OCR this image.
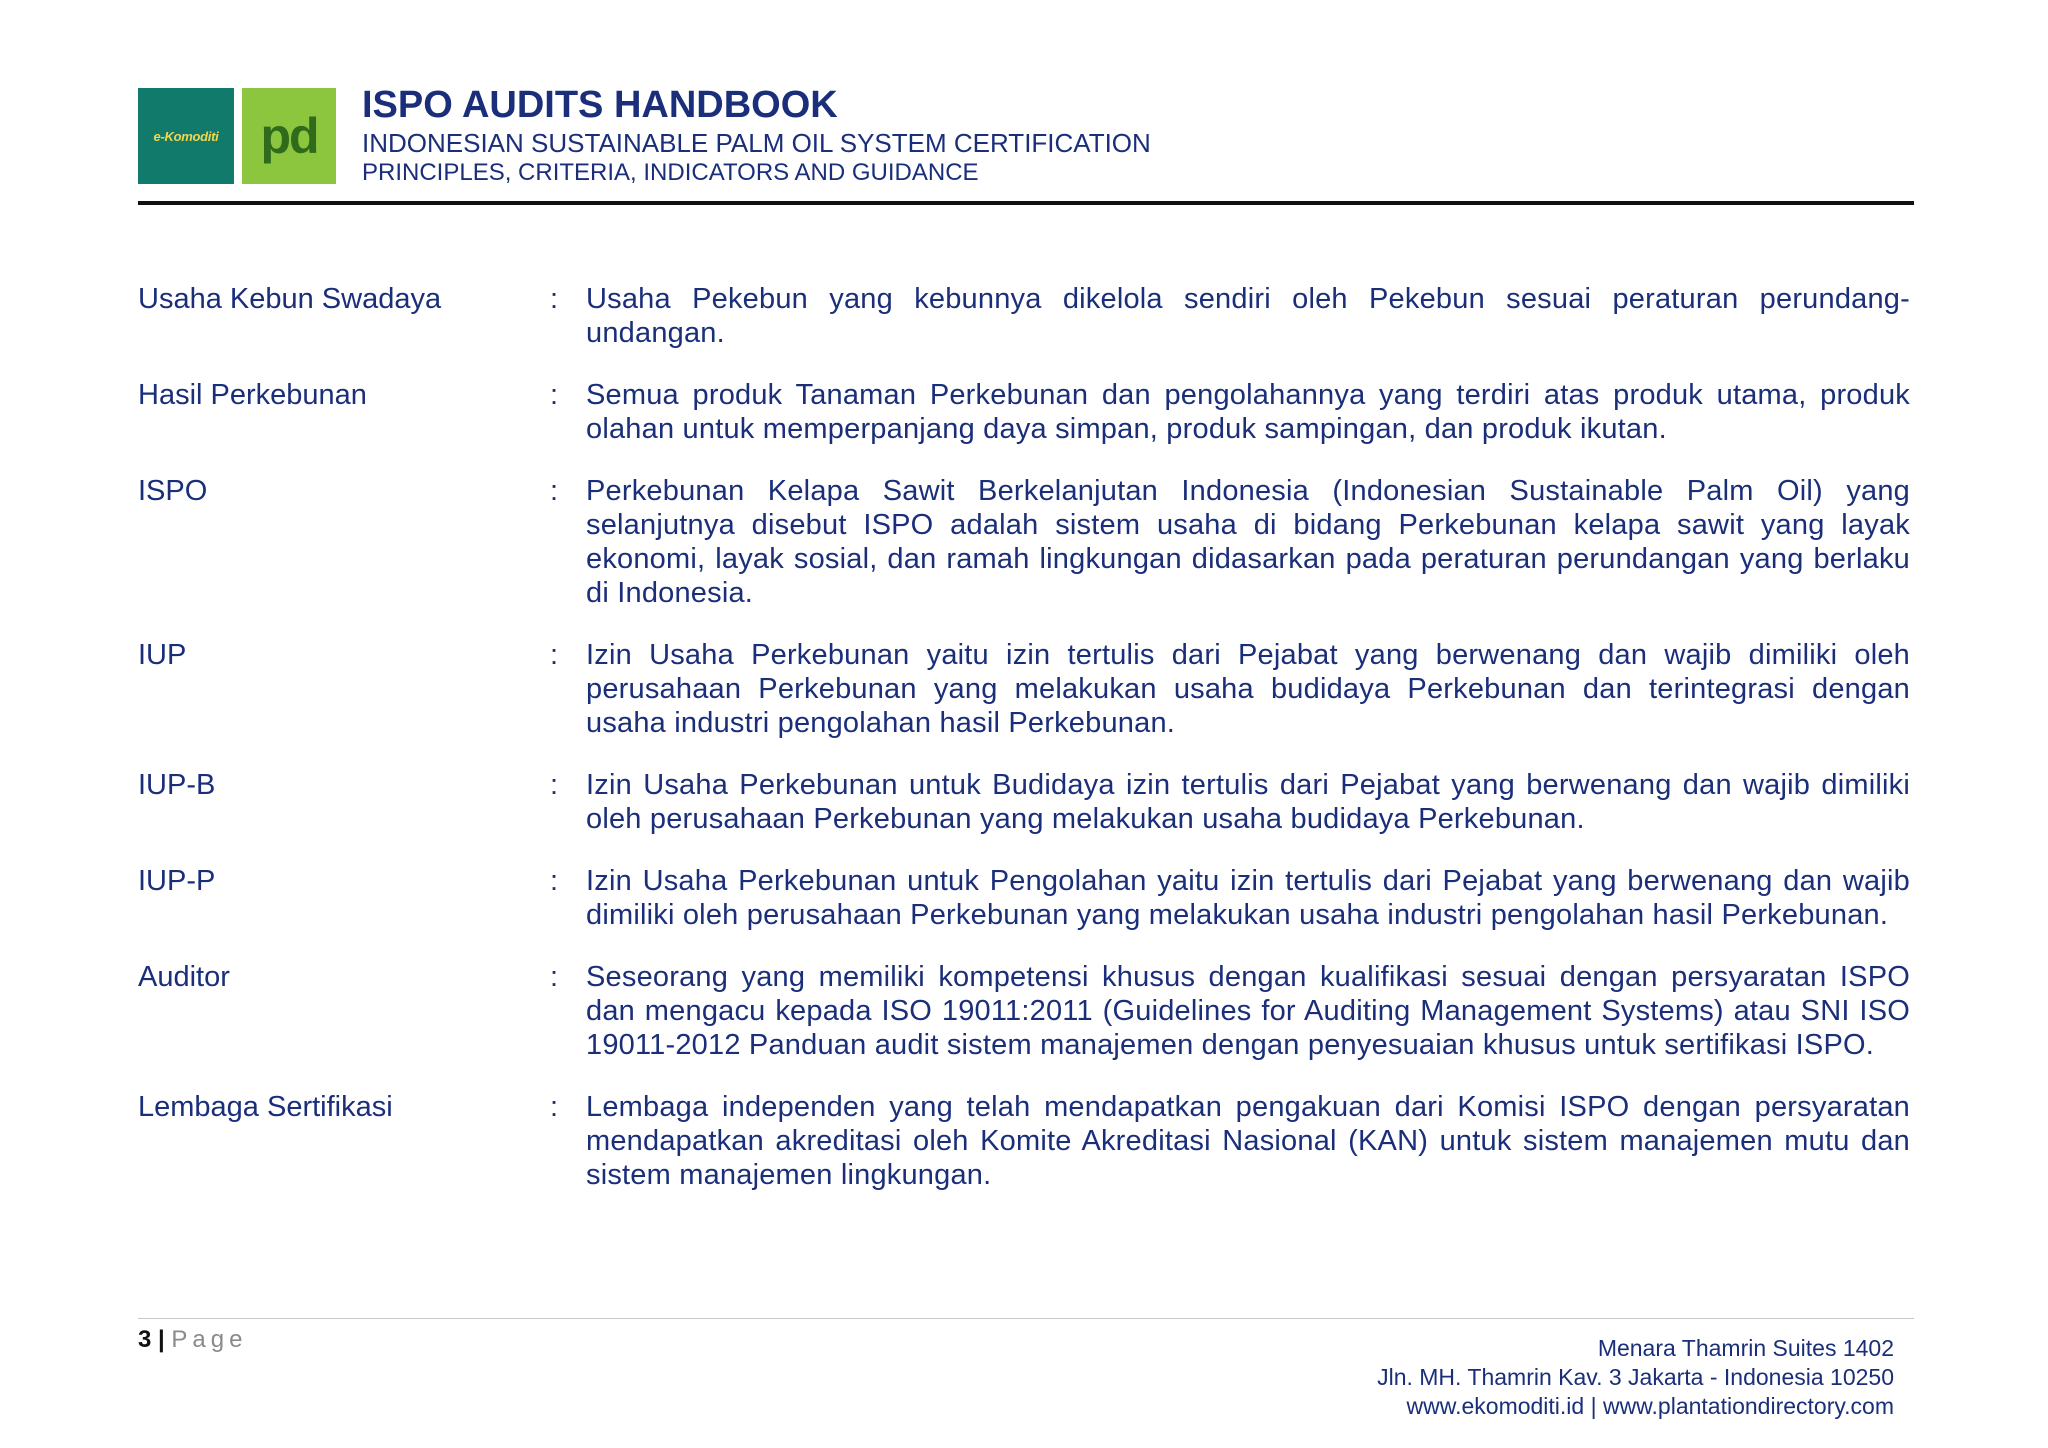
e-Komoditi pd
ISPO AUDITS HANDBOOK
INDONESIAN SUSTAINABLE PALM OIL SYSTEM CERTIFICATION
PRINCIPLES, CRITERIA, INDICATORS AND GUIDANCE
Usaha Kebun Swadaya	: Usaha Pekebun yang kebunnya dikelola sendiri oleh Pekebun sesuai peraturan perundang-undangan.
Hasil Perkebunan	: Semua produk Tanaman Perkebunan dan pengolahannya yang terdiri atas produk utama, produk olahan untuk memperpanjang daya simpan, produk sampingan, dan produk ikutan.
ISPO	: Perkebunan Kelapa Sawit Berkelanjutan Indonesia (Indonesian Sustainable Palm Oil) yang selanjutnya disebut ISPO adalah sistem usaha di bidang Perkebunan kelapa sawit yang layak ekonomi, layak sosial, dan ramah lingkungan didasarkan pada peraturan perundangan yang berlaku di Indonesia.
IUP	: Izin Usaha Perkebunan yaitu izin tertulis dari Pejabat yang berwenang dan wajib dimiliki oleh perusahaan Perkebunan yang melakukan usaha budidaya Perkebunan dan terintegrasi dengan usaha industri pengolahan hasil Perkebunan.
IUP-B	: Izin Usaha Perkebunan untuk Budidaya izin tertulis dari Pejabat yang berwenang dan wajib dimiliki oleh perusahaan Perkebunan yang melakukan usaha budidaya Perkebunan.
IUP-P	: Izin Usaha Perkebunan untuk Pengolahan yaitu izin tertulis dari Pejabat yang berwenang dan wajib dimiliki oleh perusahaan Perkebunan yang melakukan usaha industri pengolahan hasil Perkebunan.
Auditor	: Seseorang yang memiliki kompetensi khusus dengan kualifikasi sesuai dengan persyaratan ISPO dan mengacu kepada ISO 19011:2011 (Guidelines for Auditing Management Systems) atau SNI ISO 19011-2012 Panduan audit sistem manajemen dengan penyesuaian khusus untuk sertifikasi ISPO.
Lembaga Sertifikasi	: Lembaga independen yang telah mendapatkan pengakuan dari Komisi ISPO dengan persyaratan mendapatkan akreditasi oleh Komite Akreditasi Nasional (KAN) untuk sistem manajemen mutu dan sistem manajemen lingkungan.
3 | Page	Menara Thamrin Suites 1402
Jln. MH. Thamrin Kav. 3 Jakarta - Indonesia 10250
www.ekomoditi.id | www.plantationdirectory.com
